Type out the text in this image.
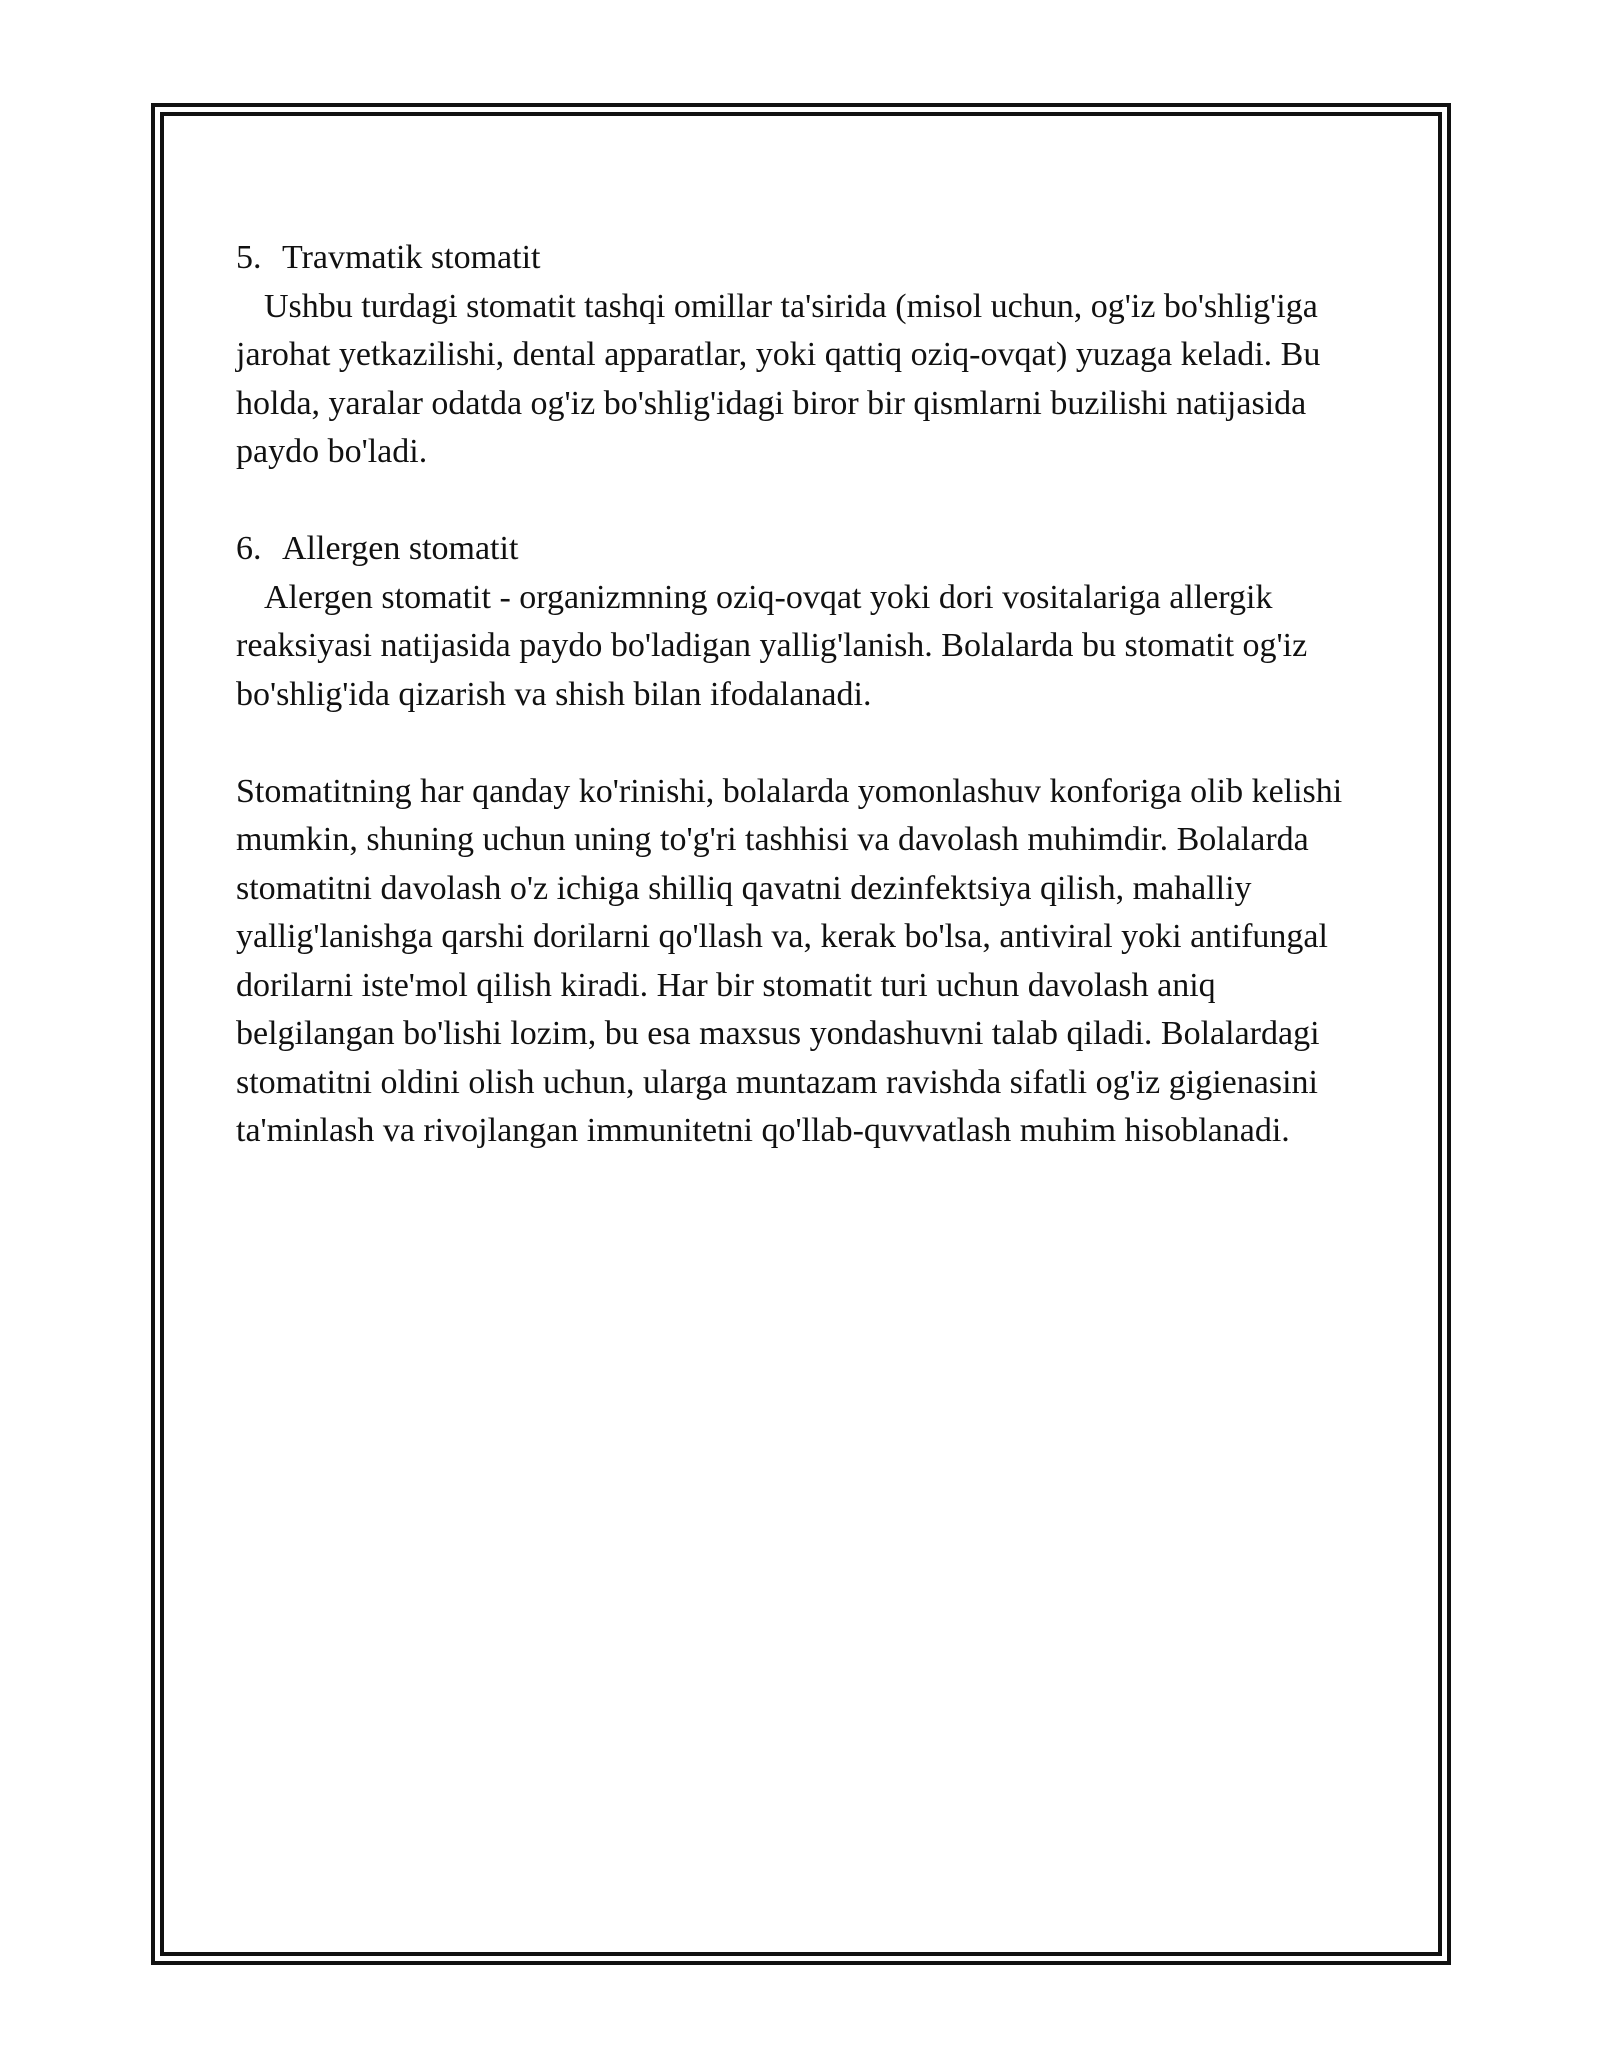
5. Travmatik stomatit

Ushbu turdagi stomatit tashqi omillar ta'sirida (misol uchun, og'iz bo'shlig'iga jarohat yetkazilishi, dental apparatlar, yoki qattiq oziq-ovqat) yuzaga keladi. Bu holda, yaralar odatda og'iz bo'shlig'idagi biror bir qismlarni buzilishi natijasida paydo bo'ladi.

6. Allergen stomatit

Alergen stomatit - organizmning oziq-ovqat yoki dori vositalariga allergik reaksiyasi natijasida paydo bo'ladigan yallig'lanish. Bolalarda bu stomatit og'iz bo'shlig'ida qizarish va shish bilan ifodalanadi.

Stomatitning har qanday ko'rinishi, bolalarda yomonlashuv konforiga olib kelishi mumkin, shuning uchun uning to'g'ri tashhisi va davolash muhimdir. Bolalarda stomatitni davolash o'z ichiga shilliq qavatni dezinfektsiya qilish, mahalliy yallig'lanishga qarshi dorilarni qo'llash va, kerak bo'lsa, antiviral yoki antifungal dorilarni iste'mol qilish kiradi. Har bir stomatit turi uchun davolash aniq belgilangan bo'lishi lozim, bu esa maxsus yondashuvni talab qiladi. Bolalardagi stomatitni oldini olish uchun, ularga muntazam ravishda sifatli og'iz gigienasini ta'minlash va rivojlangan immunitetni qo'llab-quvvatlash muhim hisoblanadi.
